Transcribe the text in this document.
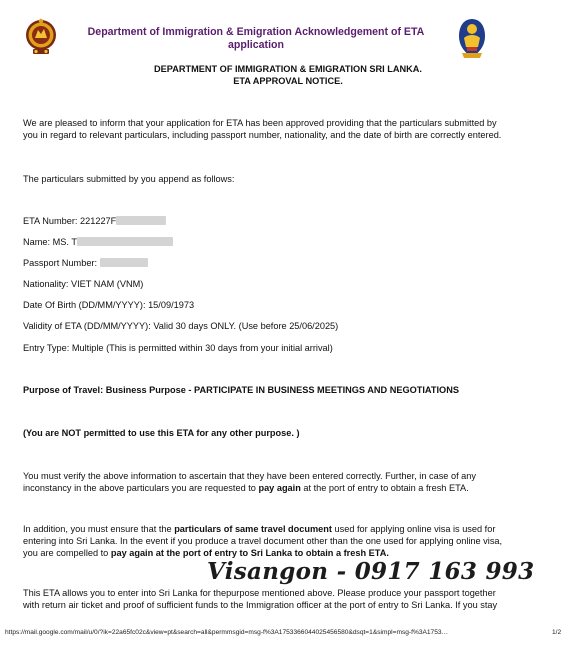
Department of Immigration & Emigration Acknowledgement of ETA
application
DEPARTMENT OF IMMIGRATION & EMIGRATION SRI LANKA.
ETA APPROVAL NOTICE.
We are pleased to inform that your application for ETA has been approved providing that the particulars submitted by
you in regard to relevant particulars, including passport number, nationality, and the date of birth are correctly entered.
The particulars submitted by you append as follows:
ETA Number: 221227F
Name: MS. T
Passport Number:
Nationality: VIET NAM (VNM)
Date Of Birth (DD/MM/YYYY): 15/09/1973
Validity of ETA (DD/MM/YYYY): Valid 30 days ONLY. (Use before 25/06/2025)
Entry Type: Multiple (This is permitted within 30 days from your initial arrival)
Purpose of Travel: Business Purpose - PARTICIPATE IN BUSINESS MEETINGS AND NEGOTIATIONS
(You are NOT permitted to use this ETA for any other purpose. )
You must verify the above information to ascertain that they have been entered correctly. Further, in case of any
inconstancy in the above particulars you are requested to pay again at the port of entry to obtain a fresh ETA.
In addition, you must ensure that the particulars of same travel document used for applying online visa is used for
entering into Sri Lanka. In the event if you produce a travel document other than the one used for applying online visa,
you are compelled to pay again at the port of entry to Sri Lanka to obtain a fresh ETA.
Visangon - 0917 163 993
This ETA allows you to enter into Sri Lanka for thepurpose mentioned above. Please produce your passport together
with return air ticket and proof of sufficient funds to the Immigration officer at the port of entry to Sri Lanka. If you stay
https://mail.google.com/mail/u/0/?ik=22a65fc02c&view=pt&search=all&permmsgid=msg-f%3A1753366044025456580&dsqt=1&simpl=msg-f%3A1753…	1/2
